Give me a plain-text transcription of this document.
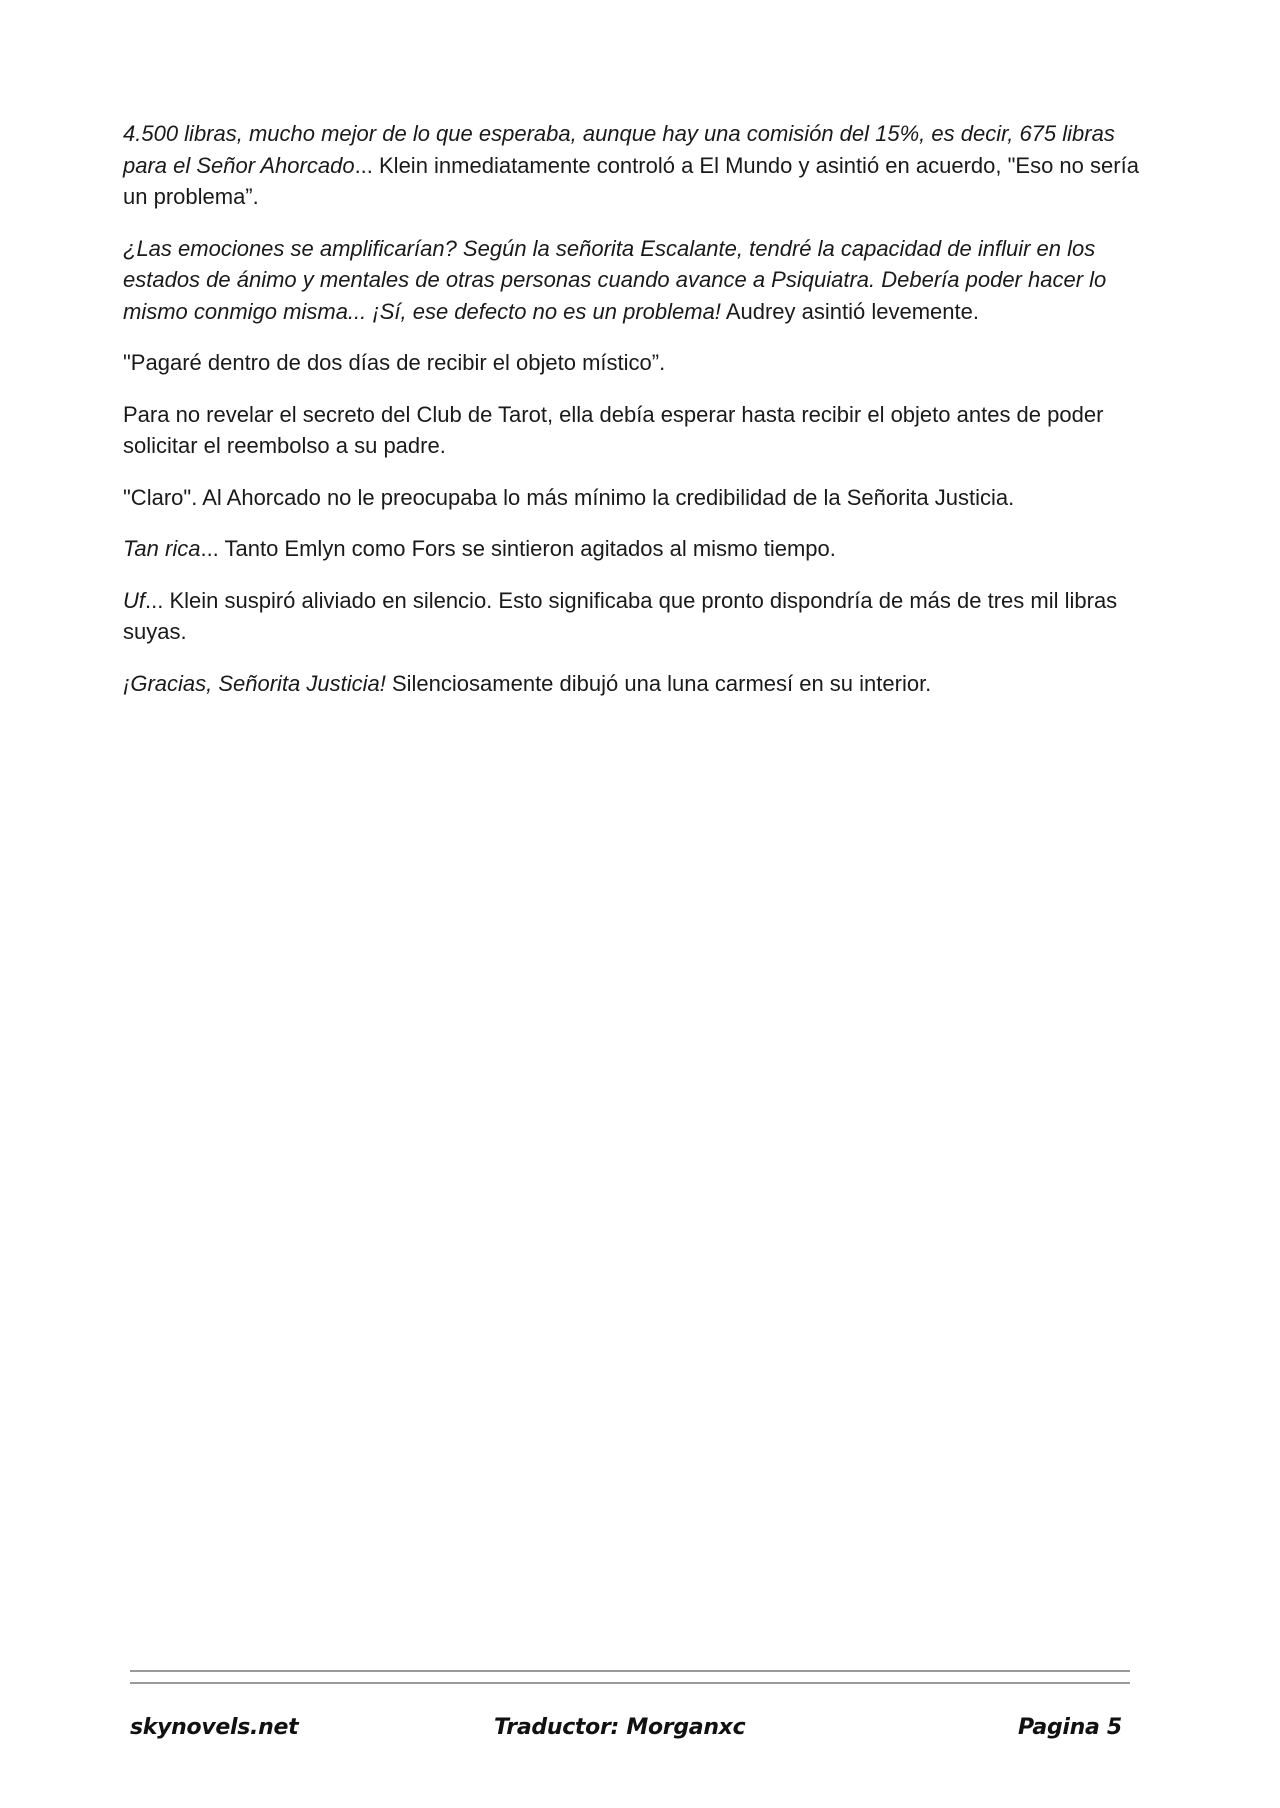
4.500 libras, mucho mejor de lo que esperaba, aunque hay una comisión del 15%, es decir, 675 libras para el Señor Ahorcado... Klein inmediatamente controló a El Mundo y asintió en acuerdo, "Eso no sería un problema”.

¿Las emociones se amplificarían? Según la señorita Escalante, tendré la capacidad de influir en los estados de ánimo y mentales de otras personas cuando avance a Psiquiatra. Debería poder hacer lo mismo conmigo misma... ¡Sí, ese defecto no es un problema! Audrey asintió levemente.

"Pagaré dentro de dos días de recibir el objeto místico”.

Para no revelar el secreto del Club de Tarot, ella debía esperar hasta recibir el objeto antes de poder solicitar el reembolso a su padre.

"Claro". Al Ahorcado no le preocupaba lo más mínimo la credibilidad de la Señorita Justicia.

Tan rica... Tanto Emlyn como Fors se sintieron agitados al mismo tiempo.

Uf... Klein suspiró aliviado en silencio. Esto significaba que pronto dispondría de más de tres mil libras suyas.

¡Gracias, Señorita Justicia! Silenciosamente dibujó una luna carmesí en su interior.

skynovels.net	Traductor: Morganxc	Pagina 5
